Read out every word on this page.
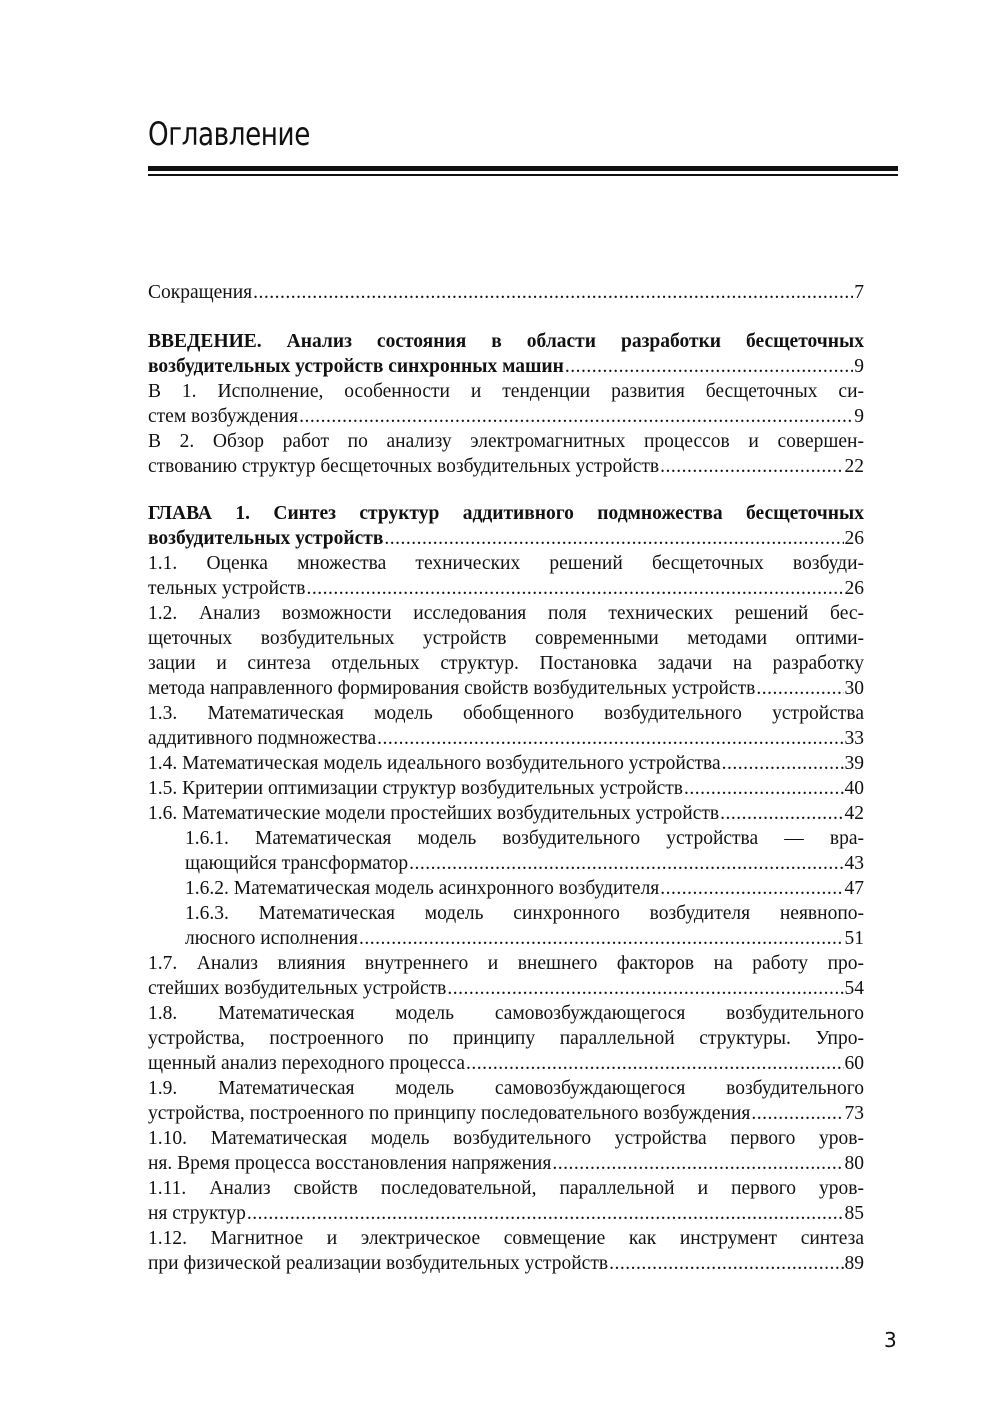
Оглавление
Сокращения .....	7
ВВЕДЕНИЕ. Анализ состояния в области разработки бесщеточных
возбудительных устройств синхронных машин .....	9
В 1. Исполнение, особенности и тенденции развития бесщеточных си-
стем возбуждения .....	9
В 2. Обзор работ по анализу электромагнитных процессов и совершен-
ствованию структур бесщеточных возбудительных устройств .....	22
ГЛАВА 1. Синтез структур аддитивного подмножества бесщеточных
возбудительных устройств .....	26
1.1. Оценка множества технических решений бесщеточных возбуди-
тельных устройств .....	26
1.2. Анализ возможности исследования поля технических решений бес-
щеточных возбудительных устройств современными методами оптими-
зации и синтеза отдельных структур. Постановка задачи на разработку
метода направленного формирования свойств возбудительных устройств .....	30
1.3. Математическая модель обобщенного возбудительного устройства
аддитивного подмножества .....	33
1.4. Математическая модель идеального возбудительного устройства .....	39
1.5. Критерии оптимизации структур возбудительных устройств .....	40
1.6. Математические модели простейших возбудительных устройств .....	42
1.6.1. Математическая модель возбудительного устройства — вра-
щающийся трансформатор .....	43
1.6.2. Математическая модель асинхронного возбудителя .....	47
1.6.3. Математическая модель синхронного возбудителя неявнопо-
люсного исполнения .....	51
1.7. Анализ влияния внутреннего и внешнего факторов на работу про-
стейших возбудительных устройств .....	54
1.8. Математическая модель самовозбуждающегося возбудительного
устройства, построенного по принципу параллельной структуры. Упро-
щенный анализ переходного процесса .....	60
1.9. Математическая модель самовозбуждающегося возбудительного
устройства, построенного по принципу последовательного возбуждения .....	73
1.10. Математическая модель возбудительного устройства первого уров-
ня. Время процесса восстановления напряжения .....	80
1.11. Анализ свойств последовательной, параллельной и первого уров-
ня структур .....	85
1.12. Магнитное и электрическое совмещение как инструмент синтеза
при физической реализации возбудительных устройств .....	89
3
